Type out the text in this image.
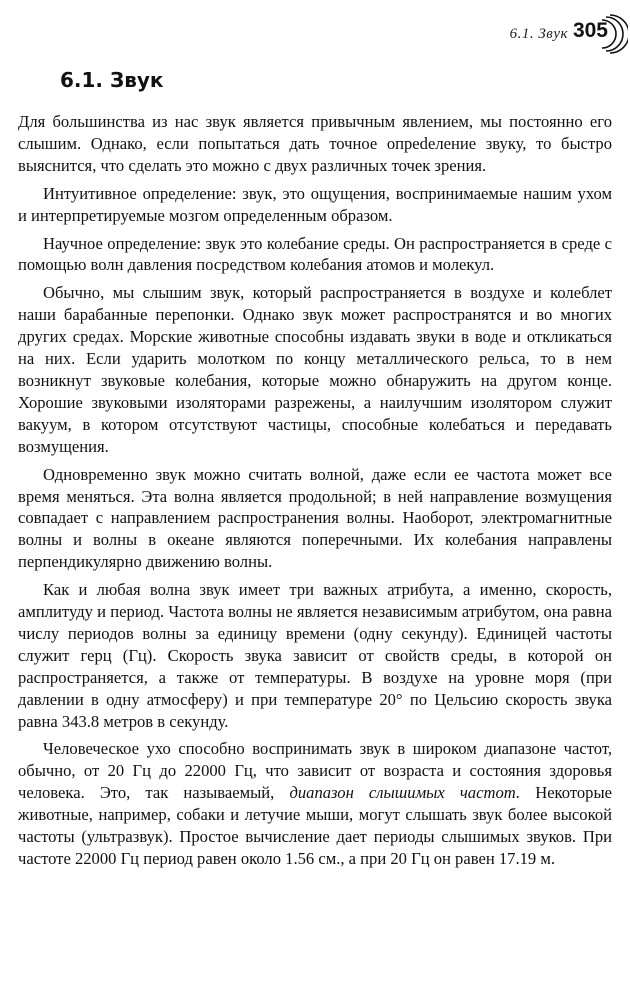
6.1. Звук 305
6.1. Звук

Для большинства из нас звук является привычным явлением, мы постоянно его слышим. Однако, если попытаться дать точное опреdеление звуку, то быстро выяснится, что сделать это можно с двух различных точек зрения.

Интуитивное определение: звук, это ощущения, воспринимаемые нашим ухом и интерпретируемые мозгом определенным образом.

Научное определение: звук это колебание среды. Он распространяется в среде с помощью волн давления посредством колебания атомов и молекул.

Обычно, мы слышим звук, который распространяется в воздухе и колеблет наши барабанные перепонки. Однако звук может распространятся и во многих других средах. Морские животные способны издавать звуки в воде и откликаться на них. Если ударить молотком по концу металлического рельса, то в нем возникнут звуковые колебания, которые можно обнаружить на другом конце. Хорошие звуковыми изоляторами разрежены, а наилучшим изолятором служит вакуум, в котором отсутствуют частицы, способные колебаться и передавать возмущения.

Одновременно звук можно считать волной, даже если ее частота может все время меняться. Эта волна является продольной; в ней направление возмущения совпадает с направлением распространения волны. Наоборот, электромагнитные волны и волны в океане являются поперечными. Их колебания направлены перпендикулярно движению волны.

Как и любая волна звук имеет три важных атрибута, а именно, скорость, амплитуду и период. Частота волны не является независимым атрибутом, она равна числу периодов волны за единицу времени (одну секунду). Единицей частоты служит герц (Гц). Скорость звука зависит от свойств среды, в которой он распространяется, а также от температуры. В воздухе на уровне моря (при давлении в одну атмосферу) и при температуре 20° по Цельсию скорость звука равна 343.8 метров в секунду.

Человеческое ухо способно воспринимать звук в широком диапазоне частот, обычно, от 20 Гц до 22000 Гц, что зависит от возраста и состояния здоровья человека. Это, так называемый, диапазон слышимых частот. Некоторые животные, например, собаки и летучие мыши, могут слышать звук более высокой частоты (ультразвук). Простое вычисление дает периоды слышимых звуков. При частоте 22000 Гц период равен около 1.56 см., а при 20 Гц он равен 17.19 м.
